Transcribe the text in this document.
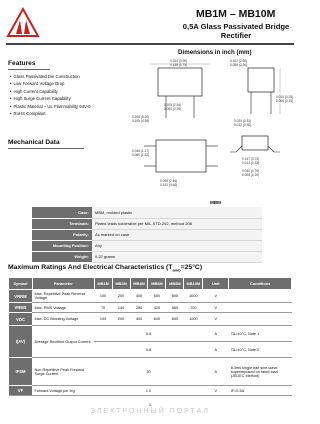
MB1M – MB10M
0,5A Glass Passivated Bridge Rectifier
Dimensions in inch (mm)
Features
• Glass Passivated Die Construction
• Low Forward Voltage Drop
• High Current Capability
• High Surge Current Capability
• Plastic Material – UL Flammability 94V-0
• RoHS Compliant
0.205 (5.20)
0.195 (4.95)
0.154 (3.90)
0.148 (3.75)
0.100 (2.54)
0.090 (2.29)
0.102 (2.60)
0.098 (2.50)
0.010 (0.25)
0.006 (0.15)
0.020 (0.51)
0.012 (0.30)
0.046 (1.17)
0.060 (1.52)
0.098 (2.49)
0.142 (3.60)
0.147 (3.73)
0.013 (0.33)
0.030 (0.76)
0.008 (0.20)
Mechanical Data
MBM
Case:	MBM, molded plastic
Terminals:	Plated leads solderable per MIL-STD-202, method 208
Polarity:	As marked on case
Mounting Position:	Any
Weight:	0.22 grams
Maximum Ratings And Electrical Characteristics $(T_{amb}=25^\circ C)$
Symbol	Parameter	MB1M	MB2M	MB4M	MB6M	MB8M	MB10M	Unit	Conditions
VRRM	Max. Repetitive Peak Reverse Voltage	100	200	400	600	800	1000	V	
VRMS	Max. RMS Voltage	70	140	280	420	560	700	V	
VDC	Max. DC Blocking Voltage	100	200	400	600	800	1000	V	
I(AV)	Average Rectified Output Current	0.5						A	TA=40°C, Note 1
		0.8						A	TA=40°C, Note 2
IFSM	Non Repetitive Peak Forward Surge Current	30						A	8.3ms single half sine-wave superimposed on rated load (JEDEC Method)
VF	Forward Voltage per leg	1.0						V	IF=0.5A
1
ЭЛЕКТРОННЫЙ ПОРТАЛ
